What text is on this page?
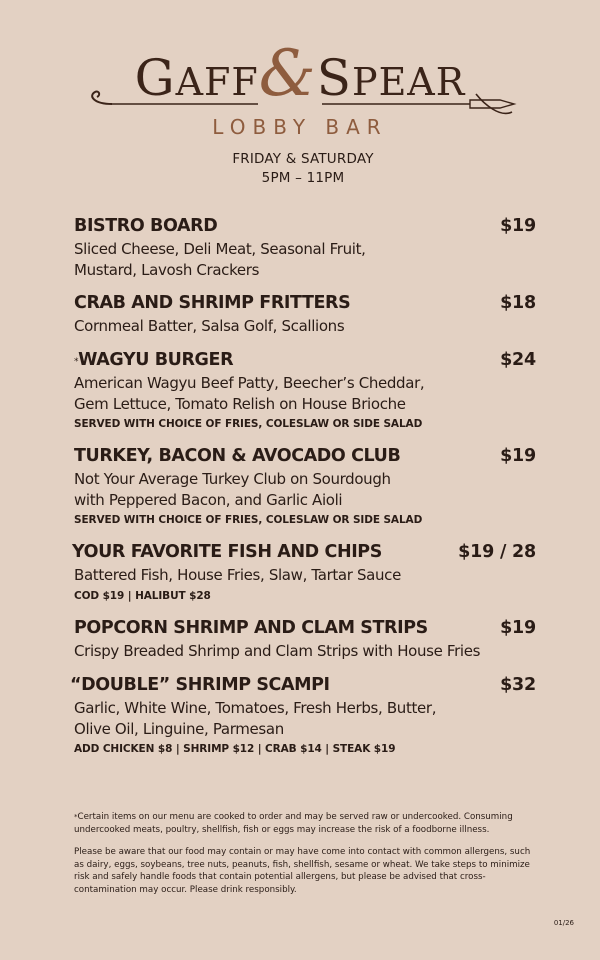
GAFF&SPEAR
LOBBY BAR
FRIDAY & SATURDAY
5PM – 11PM
BISTRO BOARD	$19
Sliced Cheese, Deli Meat, Seasonal Fruit,
Mustard, Lavosh Crackers
CRAB AND SHRIMP FRITTERS	$18
Cornmeal Batter, Salsa Golf, Scallions
*WAGYU BURGER	$24
American Wagyu Beef Patty, Beecher’s Cheddar,
Gem Lettuce, Tomato Relish on House Brioche
SERVED WITH CHOICE OF FRIES, COLESLAW OR SIDE SALAD
TURKEY, BACON & AVOCADO CLUB	$19
Not Your Average Turkey Club on Sourdough
with Peppered Bacon, and Garlic Aioli
SERVED WITH CHOICE OF FRIES, COLESLAW OR SIDE SALAD
YOUR FAVORITE FISH AND CHIPS	$19 / 28
Battered Fish, House Fries, Slaw, Tartar Sauce
COD $19 | HALIBUT $28
POPCORN SHRIMP AND CLAM STRIPS	$19
Crispy Breaded Shrimp and Clam Strips with House Fries
“DOUBLE” SHRIMP SCAMPI	$32
Garlic, White Wine, Tomatoes, Fresh Herbs, Butter,
Olive Oil, Linguine, Parmesan
ADD CHICKEN $8 | SHRIMP $12 | CRAB $14 | STEAK $19
*Certain items on our menu are cooked to order and may be served raw or undercooked. Consuming undercooked meats, poultry, shellfish, fish or eggs may increase the risk of a foodborne illness.
Please be aware that our food may contain or may have come into contact with common allergens, such as dairy, eggs, soybeans, tree nuts, peanuts, fish, shellfish, sesame or wheat. We take steps to minimize risk and safely handle foods that contain potential allergens, but please be advised that cross-contamination may occur. Please drink responsibly.
01/26
